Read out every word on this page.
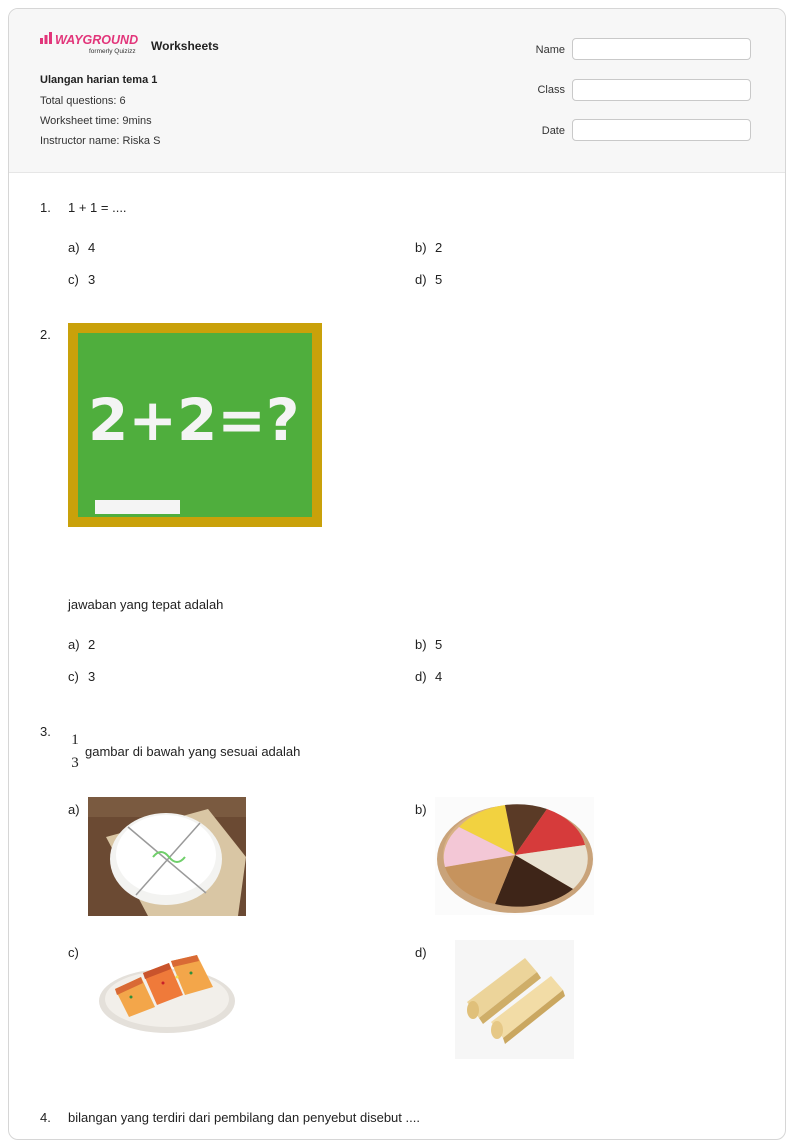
WAYGROUND
formerly Quizizz Worksheets
Ulangan harian tema 1
Total questions: 6
Worksheet time: 9mins
Instructor name: Riska S
Name
Class
Date
1. 1 + 1 = ....
a) 4	b) 2
c) 3	d) 5
2.
2+2=?
jawaban yang tepat adalah
a) 2	b) 5
c) 3	d) 4
3.
1
3
gambar di bawah yang sesuai adalah
a)	b)
c)	d)
4. bilangan yang terdiri dari pembilang dan penyebut disebut ....
